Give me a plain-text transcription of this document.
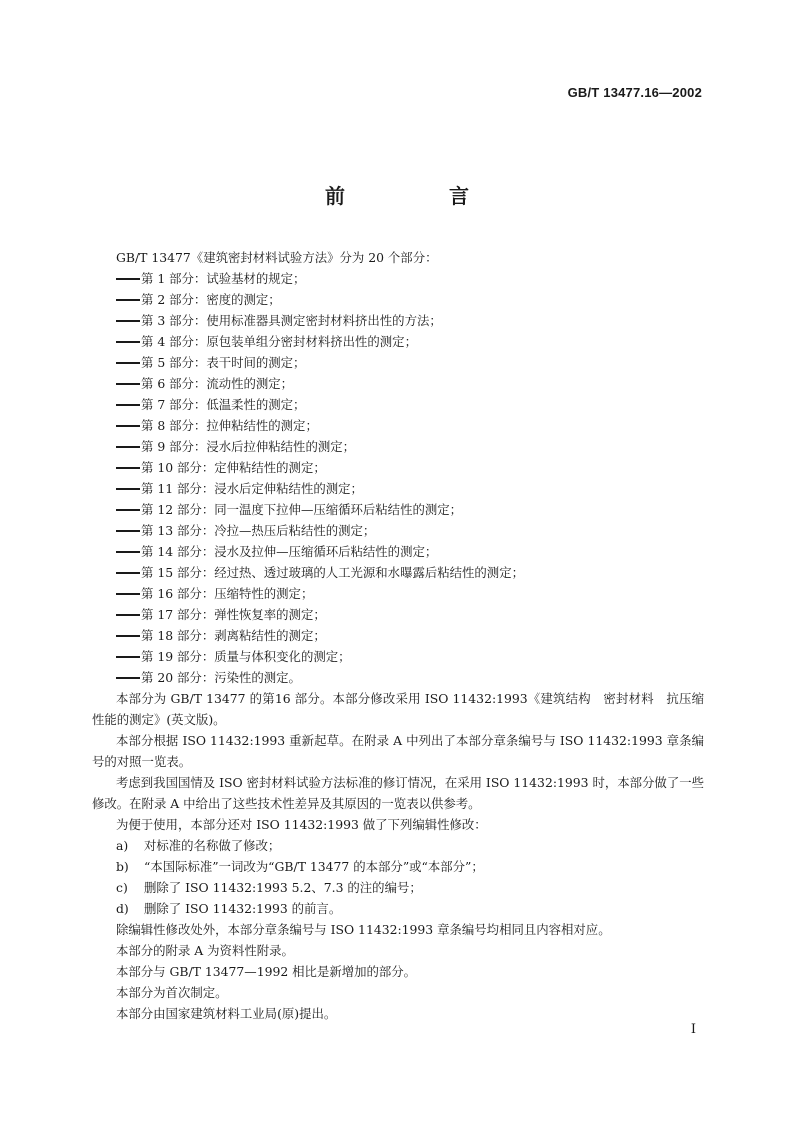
GB/T 13477.16—2002
前　言

GB/T 13477《建筑密封材料试验方法》分为 20 个部分：

第 1 部分：试验基材的规定；

第 2 部分：密度的测定；

第 3 部分：使用标准器具测定密封材料挤出性的方法；

第 4 部分：原包装单组分密封材料挤出性的测定；

第 5 部分：表干时间的测定；

第 6 部分：流动性的测定；

第 7 部分：低温柔性的测定；

第 8 部分：拉伸粘结性的测定；

第 9 部分：浸水后拉伸粘结性的测定；

第 10 部分：定伸粘结性的测定；

第 11 部分：浸水后定伸粘结性的测定；

第 12 部分：同一温度下拉伸—压缩循环后粘结性的测定；

第 13 部分：冷拉—热压后粘结性的测定；

第 14 部分：浸水及拉伸—压缩循环后粘结性的测定；

第 15 部分：经过热、透过玻璃的人工光源和水曝露后粘结性的测定；

第 16 部分：压缩特性的测定；

第 17 部分：弹性恢复率的测定；

第 18 部分：剥离粘结性的测定；

第 19 部分：质量与体积变化的测定；

第 20 部分：污染性的测定。

本部分为 GB/T 13477 的第16 部分。本部分修改采用 ISO 11432:1993《建筑结构　密封材料　抗压缩性能的测定》(英文版)。

本部分根据 ISO 11432:1993 重新起草。在附录 A 中列出了本部分章条编号与 ISO 11432:1993 章条编号的对照一览表。

考虑到我国国情及 ISO 密封材料试验方法标准的修订情况，在采用 ISO 11432:1993 时，本部分做了一些修改。在附录 A 中给出了这些技术性差异及其原因的一览表以供参考。

为便于使用，本部分还对 ISO 11432:1993 做了下列编辑性修改：

a) 对标准的名称做了修改；

b) “本国际标准”一词改为“GB/T 13477 的本部分”或“本部分”；

c) 删除了 ISO 11432:1993 5.2、7.3 的注的编号；

d) 删除了 ISO 11432:1993 的前言。

除编辑性修改处外，本部分章条编号与 ISO 11432:1993 章条编号均相同且内容相对应。

本部分的附录 A 为资料性附录。

本部分与 GB/T 13477—1992 相比是新增加的部分。

本部分为首次制定。

本部分由国家建筑材料工业局(原)提出。

I
